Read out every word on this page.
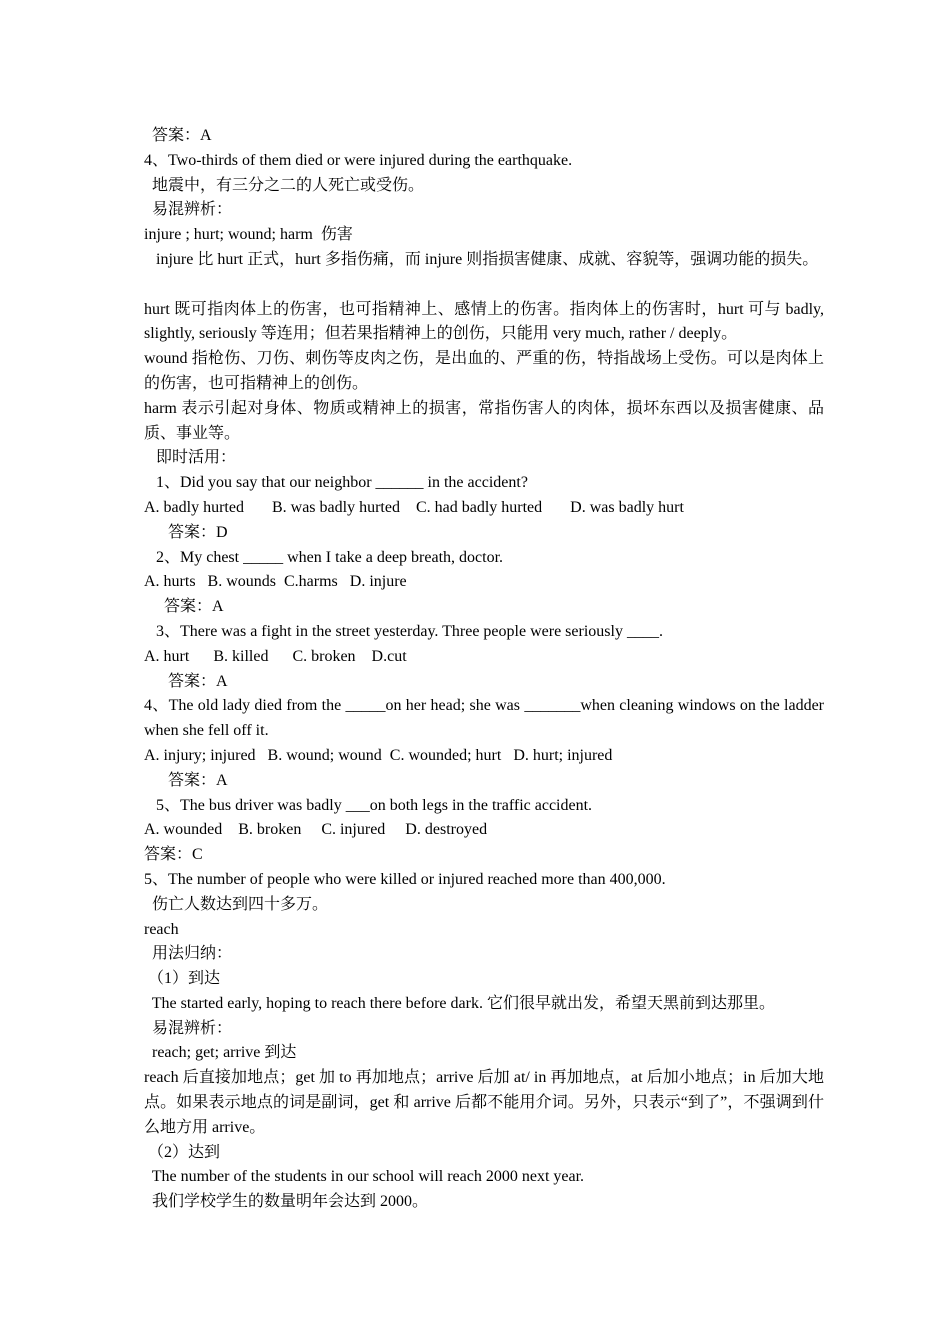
答案：A
4、Two-thirds of them died or were injured during the earthquake.
地震中，有三分之二的人死亡或受伤。
易混辨析：
injure ; hurt; wound; harm  伤害
injure 比 hurt 正式，hurt 多指伤痛，而 injure 则指损害健康、成就、容貌等，强调功能的损失。
hurt 既可指肉体上的伤害，也可指精神上、感情上的伤害。指肉体上的伤害时，hurt 可与 badly, slightly, seriously 等连用；但若果指精神上的创伤，只能用 very much, rather / deeply。
wound 指枪伤、刀伤、刺伤等皮肉之伤，是出血的、严重的伤，特指战场上受伤。可以是肉体上的伤害，也可指精神上的创伤。
harm 表示引起对身体、物质或精神上的损害，常指伤害人的肉体，损坏东西以及损害健康、品质、事业等。
即时活用：
1、Did you say that our neighbor ______ in the accident?
A. badly hurted       B. was badly hurted    C. had badly hurted       D. was badly hurt
答案：D
2、My chest _____ when I take a deep breath, doctor.
A. hurts   B. wounds  C.harms   D. injure
答案：A
3、There was a fight in the street yesterday. Three people were seriously ____.
A. hurt      B. killed      C. broken    D.cut
答案：A
4、The old lady died from the _____on her head; she was _______when cleaning windows on the ladder when she fell off it.
A. injury; injured   B. wound; wound  C. wounded; hurt   D. hurt; injured
答案：A
5、The bus driver was badly ___on both legs in the traffic accident.
A. wounded    B. broken     C. injured     D. destroyed
答案：C
5、The number of people who were killed or injured reached more than 400,000.
伤亡人数达到四十多万。
reach
用法归纳：
（1）到达
The started early, hoping to reach there before dark. 它们很早就出发，希望天黑前到达那里。
易混辨析：
reach; get; arrive 到达
reach 后直接加地点；get 加 to 再加地点；arrive 后加 at/ in 再加地点，at 后加小地点；in 后加大地点。如果表示地点的词是副词，get 和 arrive 后都不能用介词。另外，只表示“到了”，不强调到什么地方用 arrive。
（2）达到
The number of the students in our school will reach 2000 next year.
我们学校学生的数量明年会达到 2000。
